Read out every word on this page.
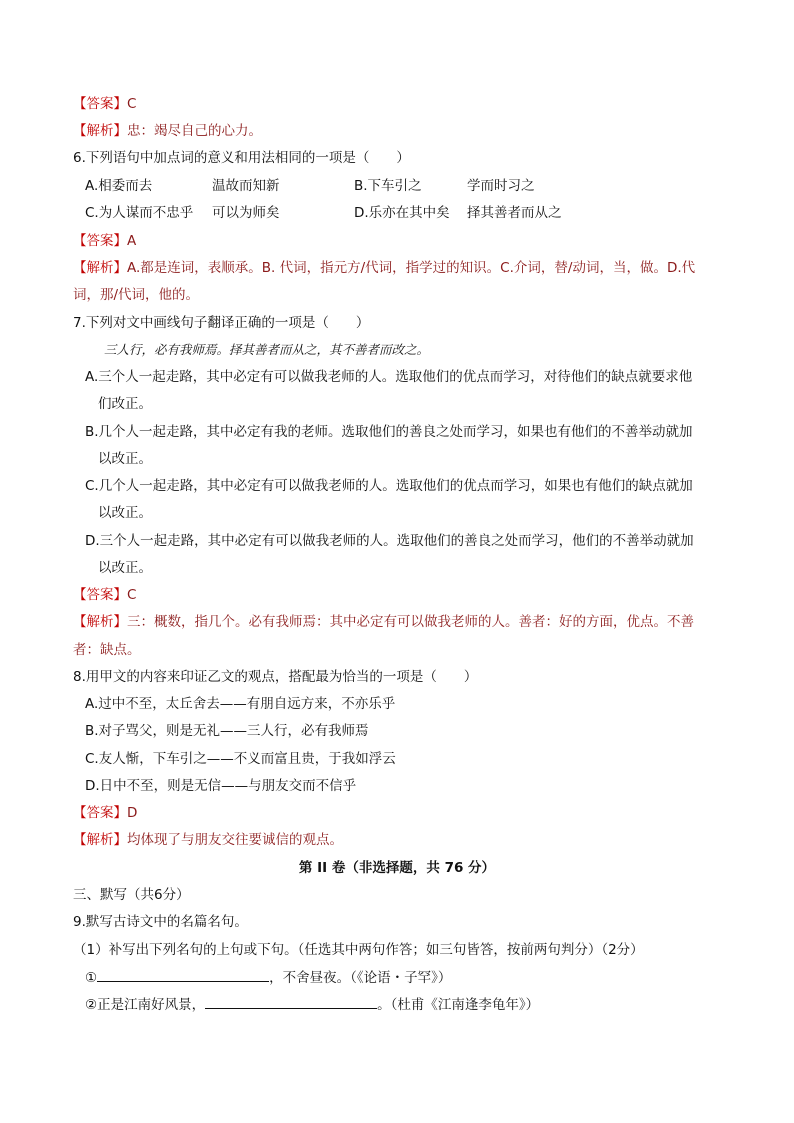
【答案】C
【解析】忠：竭尽自己的心力。
6.下列语句中加点词的意义和用法相同的一项是（　　）
A.相委而去	温故而知新	B.下车引之	学而时习之
C.为人谋而不忠乎 可以为师矣	D.乐亦在其中矣 择其善者而从之
【答案】A
【解析】A.都是连词，表顺承。B. 代词，指元方/代词，指学过的知识。C.介词，替/动词，当，做。D.代
词，那/代词，他的。
7.下列对文中画线句子翻译正确的一项是（　　）
三人行，必有我师焉。择其善者而从之，其不善者而改之。
A.三个人一起走路，其中必定有可以做我老师的人。选取他们的优点而学习，对待他们的缺点就要求他
们改正。
B.几个人一起走路，其中必定有我的老师。选取他们的善良之处而学习，如果也有他们的不善举动就加
以改正。
C.几个人一起走路，其中必定有可以做我老师的人。选取他们的优点而学习，如果也有他们的缺点就加
以改正。
D.三个人一起走路，其中必定有可以做我老师的人。选取他们的善良之处而学习，他们的不善举动就加
以改正。
【答案】C
【解析】三：概数，指几个。必有我师焉：其中必定有可以做我老师的人。善者：好的方面，优点。不善
者：缺点。
8.用甲文的内容来印证乙文的观点，搭配最为恰当的一项是（　　）
A.过中不至，太丘舍去——有朋自远方来，不亦乐乎
B.对子骂父，则是无礼——三人行，必有我师焉
C.友人惭，下车引之——不义而富且贵，于我如浮云
D.日中不至，则是无信——与朋友交而不信乎
【答案】D
【解析】均体现了与朋友交往要诚信的观点。
第 II 卷（非选择题，共 76 分）
三、默写（共6分）
9.默写古诗文中的名篇名句。
（1）补写出下列名句的上句或下句。（任选其中两句作答；如三句皆答，按前两句判分）（2分）
①	，不舍昼夜。（《论语・子罕》）
②正是江南好风景，	。（杜甫《江南逢李龟年》）
